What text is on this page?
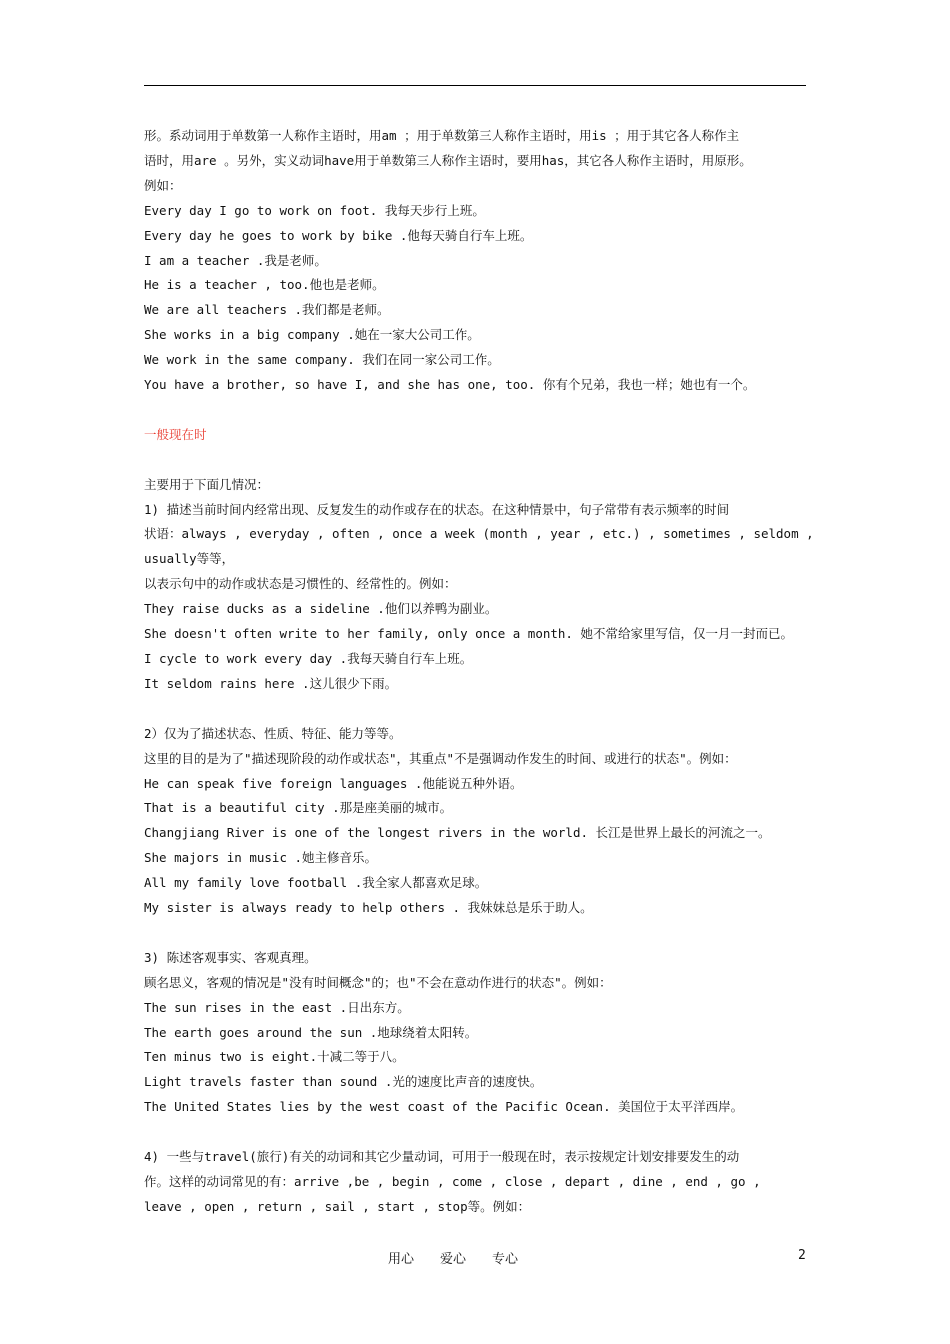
形。系动词用于单数第一人称作主语时，用am ；用于单数第三人称作主语时，用is ；用于其它各人称作主
语时，用are 。另外，实义动词have用于单数第三人称作主语时，要用has，其它各人称作主语时，用原形。
例如：
Every day I go to work on foot. 我每天步行上班。
Every day he goes to work by bike .他每天骑自行车上班。
I am a teacher .我是老师。
He is a teacher , too.他也是老师。
We are all teachers .我们都是老师。
She works in a big company .她在一家大公司工作。
We work in the same company. 我们在同一家公司工作。
You have a brother, so have I, and she has one, too. 你有个兄弟，我也一样；她也有一个。
一般现在时
主要用于下面几情况：
1) 描述当前时间内经常出现、反复发生的动作或存在的状态。在这种情景中，句子常带有表示频率的时间
状语：always , everyday , often , once a week (month , year , etc.) , sometimes , seldom ,
usually等等，
以表示句中的动作或状态是习惯性的、经常性的。例如：
They raise ducks as a sideline .他们以养鸭为副业。
She doesn't often write to her family, only once a month. 她不常给家里写信，仅一月一封而已。
I cycle to work every day .我每天骑自行车上班。
It seldom rains here .这儿很少下雨。
2）仅为了描述状态、性质、特征、能力等等。
这里的目的是为了"描述现阶段的动作或状态"，其重点"不是强调动作发生的时间、或进行的状态"。例如：
He can speak five foreign languages .他能说五种外语。
That is a beautiful city .那是座美丽的城市。
Changjiang River is one of the longest rivers in the world. 长江是世界上最长的河流之一。
She majors in music .她主修音乐。
All my family love football .我全家人都喜欢足球。
My sister is always ready to help others . 我妹妹总是乐于助人。
3) 陈述客观事实、客观真理。
顾名思义，客观的情况是"没有时间概念"的；也"不会在意动作进行的状态"。例如：
The sun rises in the east .日出东方。
The earth goes around the sun .地球绕着太阳转。
Ten minus two is eight.十减二等于八。
Light travels faster than sound .光的速度比声音的速度快。
The United States lies by the west coast of the Pacific Ocean. 美国位于太平洋西岸。
4) 一些与travel(旅行)有关的动词和其它少量动词，可用于一般现在时，表示按规定计划安排要发生的动
作。这样的动词常见的有：arrive ,be , begin , come , close , depart , dine , end , go ,
leave , open , return , sail , start , stop等。例如：
用心 爱心 专心	2
